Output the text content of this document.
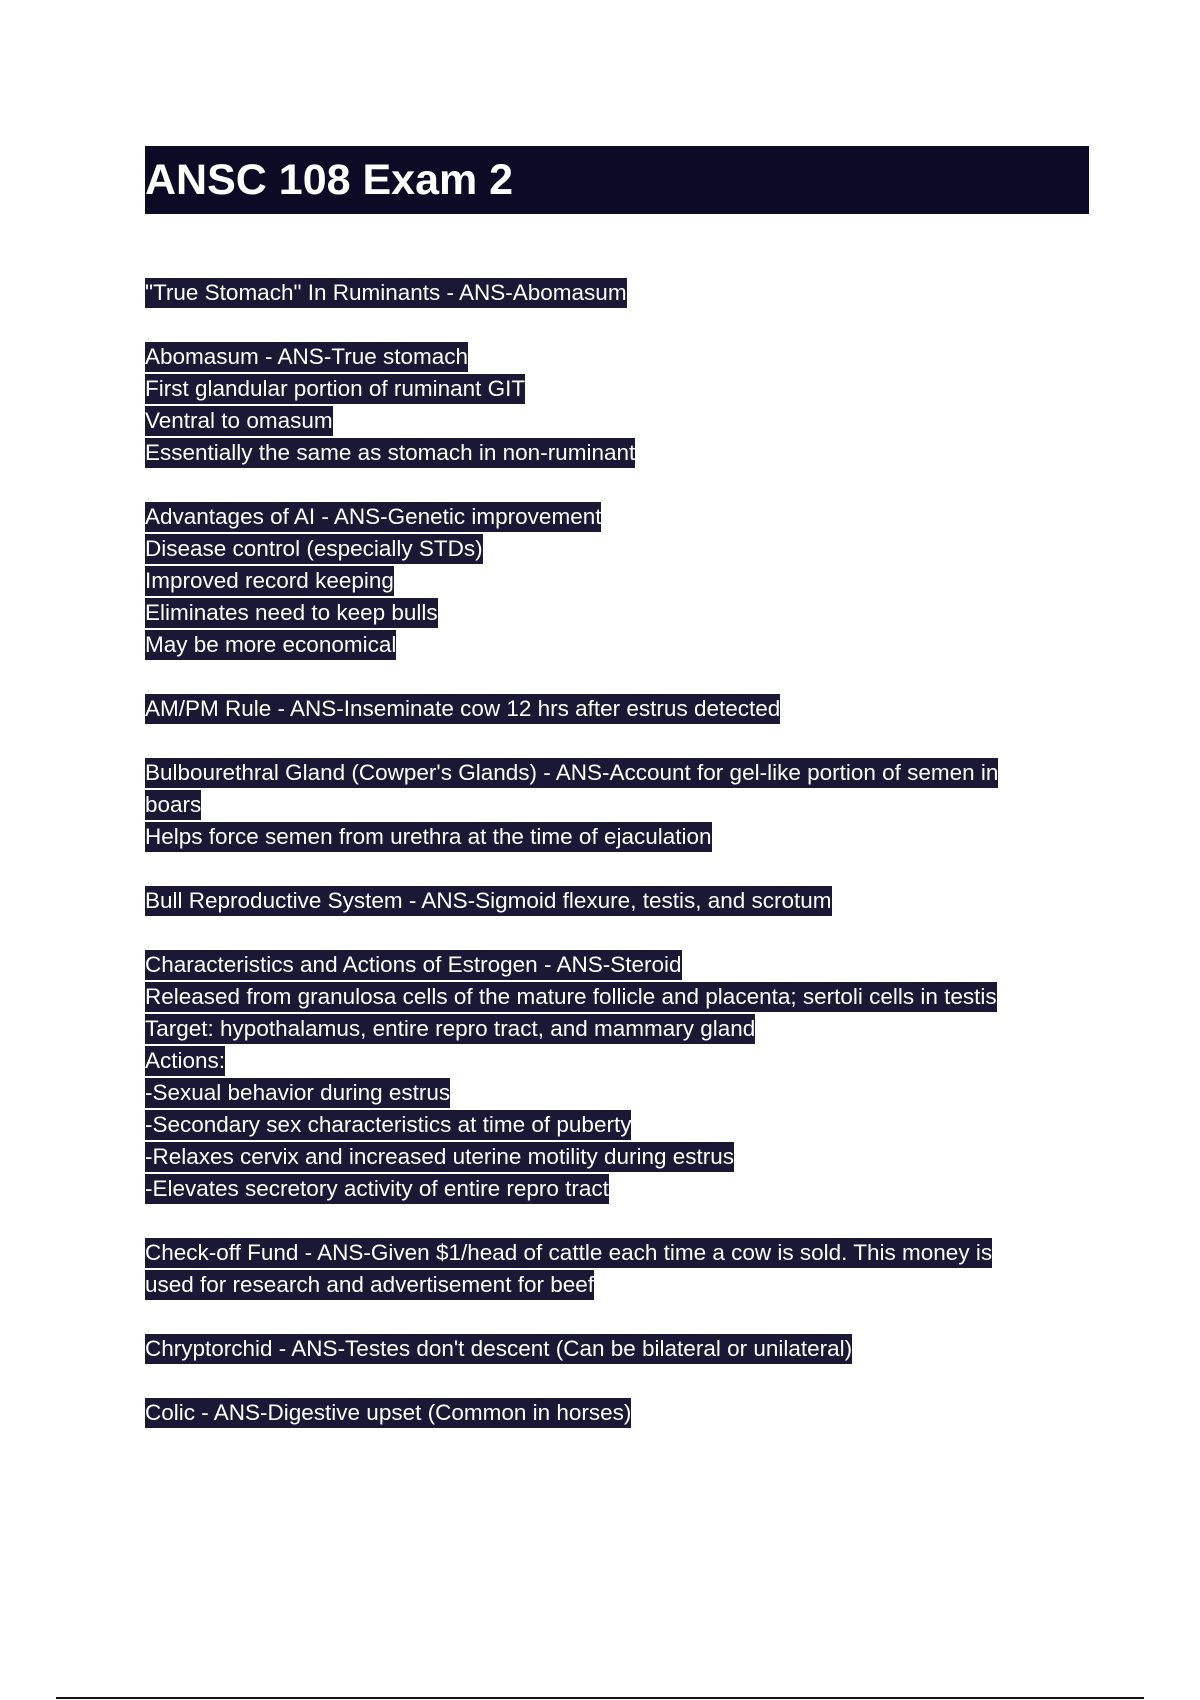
ANSC 108 Exam 2
"True Stomach" In Ruminants - ANS-Abomasum
Abomasum - ANS-True stomach
First glandular portion of ruminant GIT
Ventral to omasum
Essentially the same as stomach in non-ruminant
Advantages of AI - ANS-Genetic improvement
Disease control (especially STDs)
Improved record keeping
Eliminates need to keep bulls
May be more economical
AM/PM Rule - ANS-Inseminate cow 12 hrs after estrus detected
Bulbourethral Gland (Cowper's Glands) - ANS-Account for gel-like portion of semen in
boars
Helps force semen from urethra at the time of ejaculation
Bull Reproductive System - ANS-Sigmoid flexure, testis, and scrotum
Characteristics and Actions of Estrogen - ANS-Steroid
Released from granulosa cells of the mature follicle and placenta; sertoli cells in testis
Target: hypothalamus, entire repro tract, and mammary gland
Actions:
-Sexual behavior during estrus
-Secondary sex characteristics at time of puberty
-Relaxes cervix and increased uterine motility during estrus
-Elevates secretory activity of entire repro tract
Check-off Fund - ANS-Given $1/head of cattle each time a cow is sold. This money is
used for research and advertisement for beef
Chryptorchid - ANS-Testes don't descent (Can be bilateral or unilateral)
Colic - ANS-Digestive upset (Common in horses)
